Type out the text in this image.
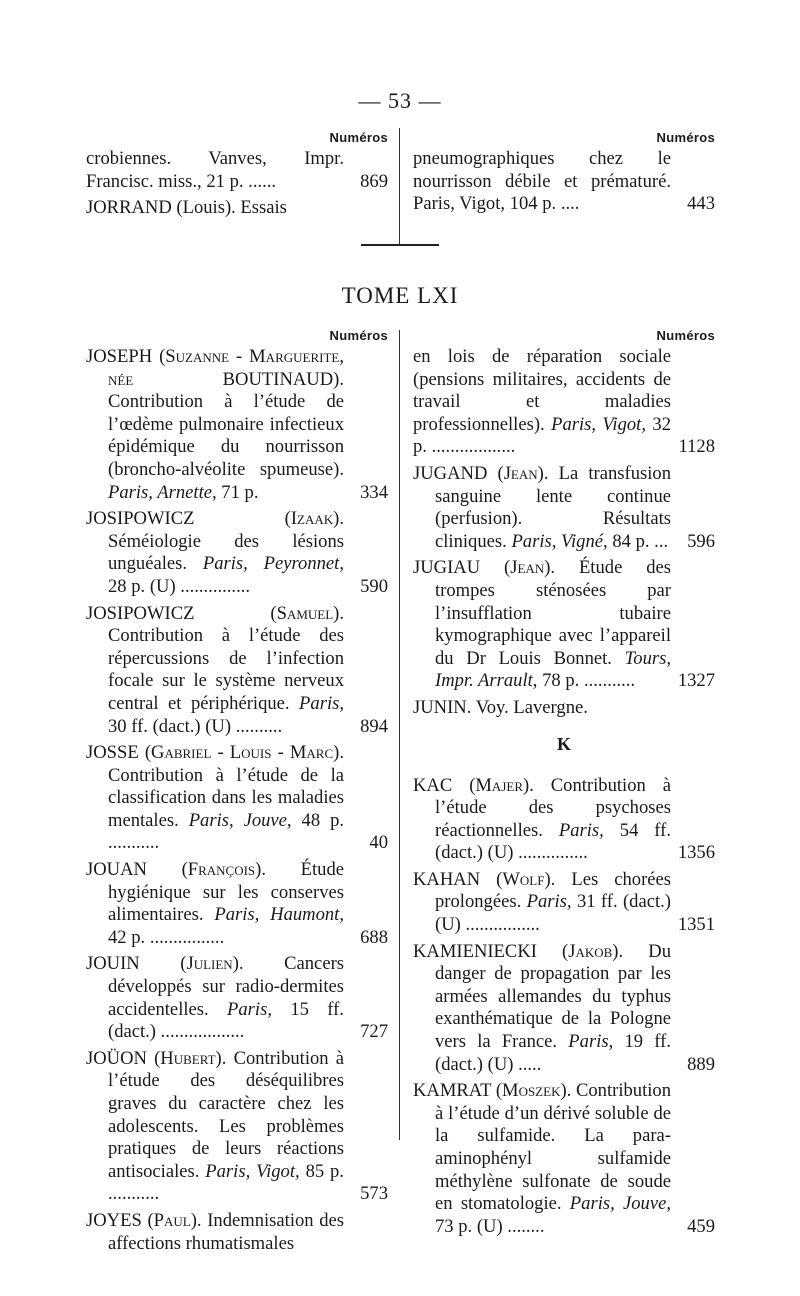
— 53 —
Numéros
crobiennes. Vanves, Impr. Francisc. miss., 21 p. ......	869
JORRAND (Louis). Essais
Numéros
pneumographiques chez le nourrisson débile et prématuré. Paris, Vigot, 104 p. ....	443
TOME LXI
Numéros
JOSEPH (Suzanne - Marguerite, née BOUTINAUD). Contribution à l’étude de l’œdème pulmonaire infectieux épidémique du nourrisson (broncho-alvéolite spumeuse). Paris, Arnette, 71 p.	334
JOSIPOWICZ	(Izaak). Séméiologie des lésions unguéales. Paris, Peyronnet, 28 p. (U) ...............	590
JOSIPOWICZ	(Samuel). Contribution à l’étude des répercussions de l’infection focale sur le système nerveux central et périphérique. Paris, 30 ff. (dact.) (U) ..........	894
JOSSE (Gabriel - Louis - Marc). Contribution à l’étude de la classification dans les maladies mentales. Paris, Jouve, 48 p. ...........	40
JOUAN (François). Étude hygiénique sur les conserves alimentaires. Paris, Haumont, 42 p. ................	688
JOUIN (Julien). Cancers développés sur radio-dermites accidentelles. Paris, 15 ff. (dact.) ..................	727
JOÜON (Hubert). Contribution à l’étude des déséquilibres graves du caractère chez les adolescents. Les problèmes pratiques de leurs réactions antisociales. Paris, Vigot, 85 p. ...........	573
JOYES (Paul). Indemnisation des affections rhumatismales
Numéros
en lois de réparation sociale (pensions militaires, accidents de travail et maladies professionnelles). Paris, Vigot, 32 p. ..................	1128
JUGAND (Jean). La transfusion sanguine lente continue (perfusion). Résultats cliniques. Paris, Vigné, 84 p. ... 596
JUGIAU (Jean). Étude des trompes sténosées par l’insufflation tubaire kymographique avec l’appareil du Dr Louis Bonnet. Tours, Impr. Arrault, 78 p. ........... 1327
JUNIN. Voy. Lavergne.
K
KAC (Majer). Contribution à l’étude des psychoses réactionnelles. Paris, 54 ff. (dact.) (U) ...............	1356
KAHAN (Wolf). Les chorées prolongées. Paris, 31 ff. (dact.) (U) ................	1351
KAMIENIECKI (Jakob). Du danger de propagation par les armées allemandes du typhus exanthématique de la Pologne vers la France. Paris, 19 ff. (dact.) (U) .....	889
KAMRAT (Moszek). Contribution à l’étude d’un dérivé soluble de la sulfamide. La para-aminophényl sulfamide méthylène sulfonate de soude en stomatologie. Paris, Jouve, 73 p. (U) ........	459
